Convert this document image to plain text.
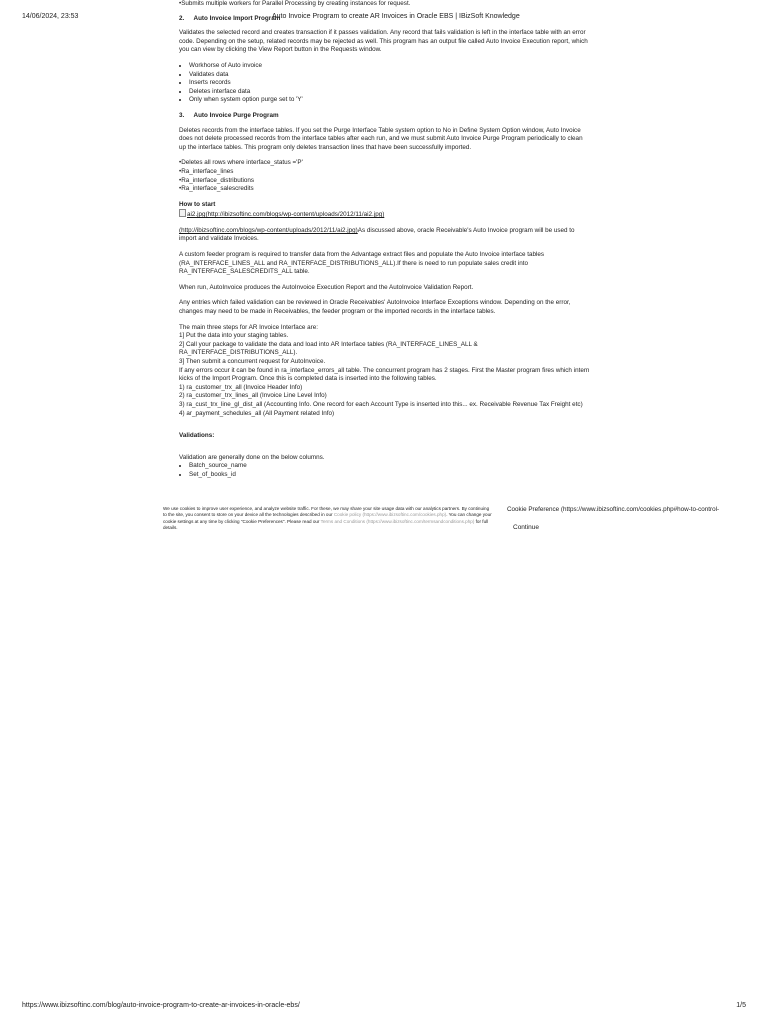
14/06/2024, 23:53	Auto Invoice Program to create AR Invoices in Oracle EBS | IBizSoft Knowledge

•Submits multiple workers for Parallel Processing by creating instances for request.

2. Auto Invoice Import Program

Validates the selected record and creates transaction if it passes validation. Any record that fails validation is left in the interface table with an error code. Depending on the setup, related records may be rejected as well. This program has an output file called Auto Invoice Execution report, which you can view by clicking the View Report button in the Requests window.

• Workhorse of Auto invoice
• Validates data
• Inserts records
• Deletes interface data
• Only when system option purge set to 'Y'
3. Auto Invoice Purge Program

Deletes records from the interface tables. If you set the Purge Interface Table system option to No in Define System Option window, Auto Invoice does not delete processed records from the interface tables after each run, and we must submit Auto Invoice Purge Program periodically to clean up the interface tables. This program only deletes transaction lines that have been successfully imported.

•Deletes all rows where interface_status ='P'
•Ra_interface_lines
•Ra_interface_distributions
•Ra_interface_salescredits
How to start
ai2.jpg(http://ibizsoftinc.com/blogs/wp-content/uploads/2012/11/ai2.jpg)

(http://ibizsoftinc.com/blogs/wp-content/uploads/2012/11/ai2.jpg)As discussed above, oracle Receivable's Auto Invoice program will be used to import and validate Invoices.

A custom feeder program is required to transfer data from the Advantage extract files and populate the Auto Invoice interface tables (RA_INTERFACE_LINES_ALL and RA_INTERFACE_DISTRIBUTIONS_ALL).If there is need to run populate sales credit into RA_INTERFACE_SALESCREDITS_ALL table.

When run, AutoInvoice produces the AutoInvoice Execution Report and the AutoInvoice Validation Report.

Any entries which failed validation can be reviewed in Oracle Receivables' AutoInvoice Interface Exceptions window. Depending on the error, changes may need to be made in Receivables, the feeder program or the imported records in the interface tables.

The main three steps for AR Invoice Interface are:
1] Put the data into your staging tables.
2] Call your package to validate the data and load into AR Interface tables (RA_INTERFACE_LINES_ALL & RA_INTERFACE_DISTRIBUTIONS_ALL).
3] Then submit a concurrent request for AutoInvoice.
If any errors occur it can be found in ra_interface_errors_all table. The concurrent program has 2 stages. First the Master program fires which intern kicks of the Import Program. Once this is completed data is inserted into the following tables.
1) ra_customer_trx_all (Invoice Header Info)
2) ra_customer_trx_lines_all (Invoice Line Level Info)
3) ra_cust_trx_line_gl_dist_all (Accounting Info. One record for each Account Type is inserted into this... ex. Receivable Revenue Tax Freight etc)
4) ar_payment_schedules_all (All Payment related Info)
Validations:
Validation are generally done on the below columns.
• Batch_source_name
• Set_of_books_id
We use cookies to improve user experience, and analyze website traffic. For these, we may share your site usage data with our analytics partners. By continuing to the site, you consent to store on your device all the technologies described in our Cookie policy (https://www.ibizsoftinc.com/cookies.php). You can change your cookie settings at any time by clicking "Cookie Preferences". Please read our Terms and Conditions (https://www.ibizsoftinc.com/termsandconditions.php) for full details.
Cookie Preference (https://www.ibizsoftinc.com/cookies.php#how-to-control-
Continue
https://www.ibizsoftinc.com/blog/auto-invoice-program-to-create-ar-invoices-in-oracle-ebs/	1/5
